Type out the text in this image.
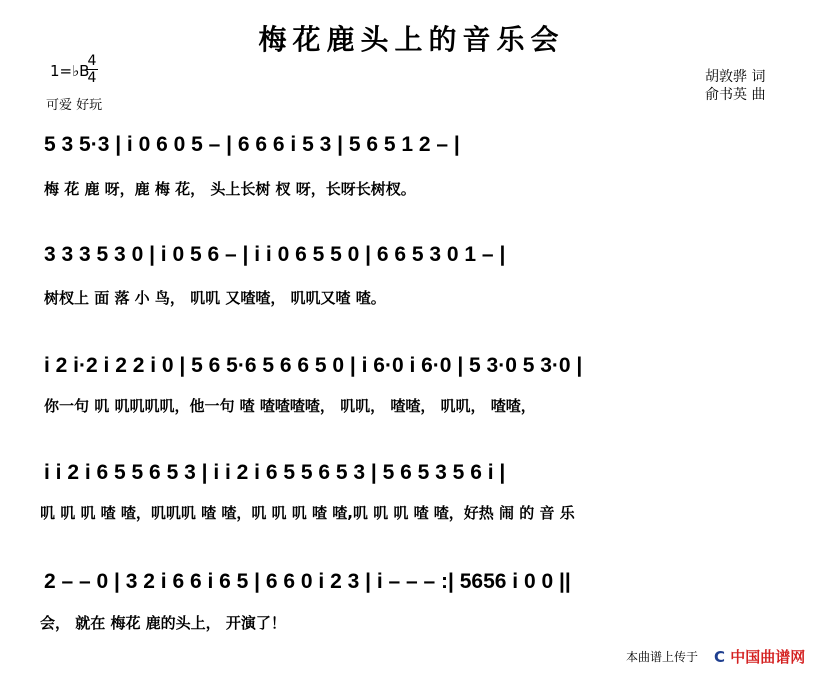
梅花鹿头上的音乐会
1=♭B
4
4
可爱 好玩
胡敦骅 词
俞书英 曲
5 3 5·3 | i 0 6 0 5 – | 6 6 6 i 5 3 | 5 6 5 1 2 – |
梅 花 鹿 呀，鹿 梅 花， 头上长树 杈 呀，长呀长树杈。
3 3 3 5 3 0 | i 0 5 6 – | i i 0 6 5 5 0 | 6 6 5 3 0 1 – |
树杈上 面 落 小 鸟， 叽叽 又喳喳， 叽叽又喳 喳。
i 2 i·2 i 2 2 i 0 | 5 6 5·6 5 6 6 5 0 | i 6·0 i 6·0 | 5 3·0 5 3·0 |
你一句 叽 叽叽叽叽，他一句 喳 喳喳喳喳， 叽叽， 喳喳， 叽叽， 喳喳，
i i 2 i 6 5 5 6 5 3 | i i 2 i 6 5 5 6 5 3 | 5 6 5 3 5 6 i |
叽 叽 叽 喳 喳，叽叽叽 喳 喳，叽 叽 叽 喳 喳,叽 叽 叽 喳 喳，好热 闹 的 音 乐
2 – – 0 | 3 2 i 6 6 i 6 5 | 6 6 0 i 2 3 | i – – – :| 5656 i 0 0 ||
会， 就在 梅花 鹿的头上， 开演了！
本曲谱上传于 C 中国曲谱网
